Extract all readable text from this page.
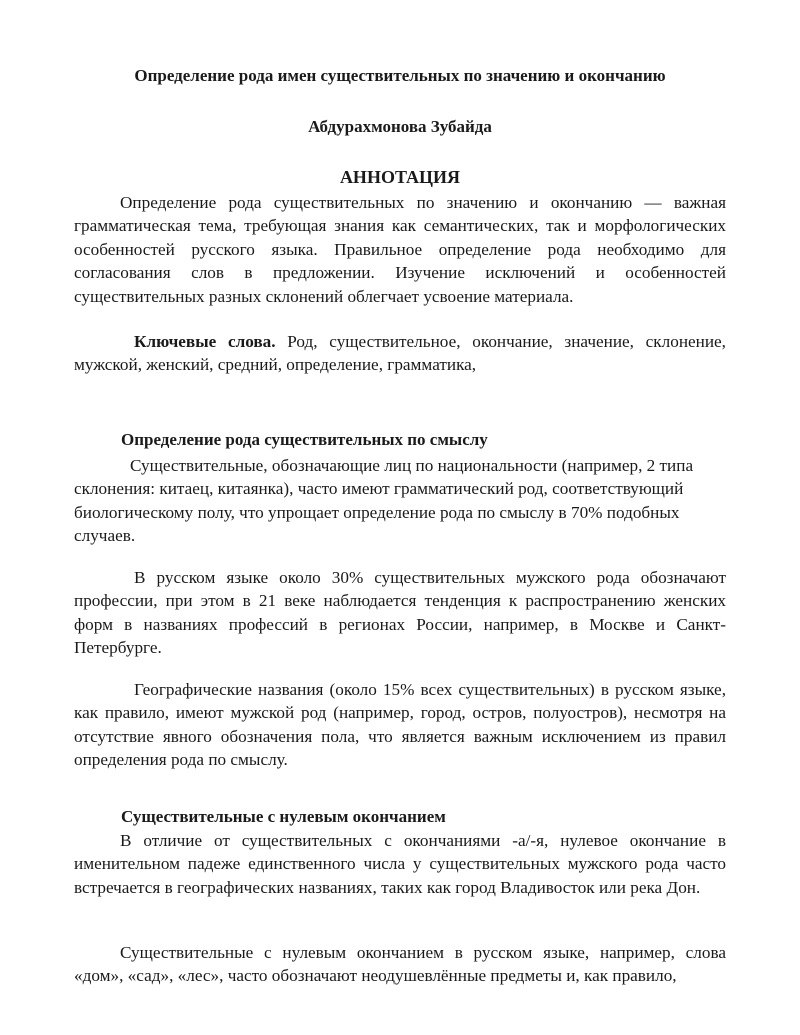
Определение рода имен существительных по значению и окончанию

Абдурахмонова Зубайда

АННОТАЦИЯ

Определение рода существительных по значению и окончанию — важная грамматическая тема, требующая знания как семантических, так и морфологических особенностей русского языка. Правильное определение рода необходимо для согласования слов в предложении. Изучение исключений и особенностей существительных разных склонений облегчает усвоение материала.

Ключевые слова. Род, существительное, окончание, значение, склонение, мужской, женский, средний, определение, грамматика,

Определение рода существительных по смыслу

Существительные, обозначающие лиц по национальности (например, 2 типа склонения: китаец, китаянка), часто имеют грамматический род, соответствующий биологическому полу, что упрощает определение рода по смыслу в 70% подобных случаев.

В русском языке около 30% существительных мужского рода обозначают профессии, при этом в 21 веке наблюдается тенденция к распространению женских форм в названиях профессий в регионах России, например, в Москве и Санкт-Петербурге.

Географические названия (около 15% всех существительных) в русском языке, как правило, имеют мужской род (например, город, остров, полуостров), несмотря на отсутствие явного обозначения пола, что является важным исключением из правил определения рода по смыслу.

Существительные с нулевым окончанием

В отличие от существительных с окончаниями -а/-я, нулевое окончание в именительном падеже единственного числа у существительных мужского рода часто встречается в географических названиях, таких как город Владивосток или река Дон.

Существительные с нулевым окончанием в русском языке, например, слова «дом», «сад», «лес», часто обозначают неодушевлённые предметы и, как правило,
